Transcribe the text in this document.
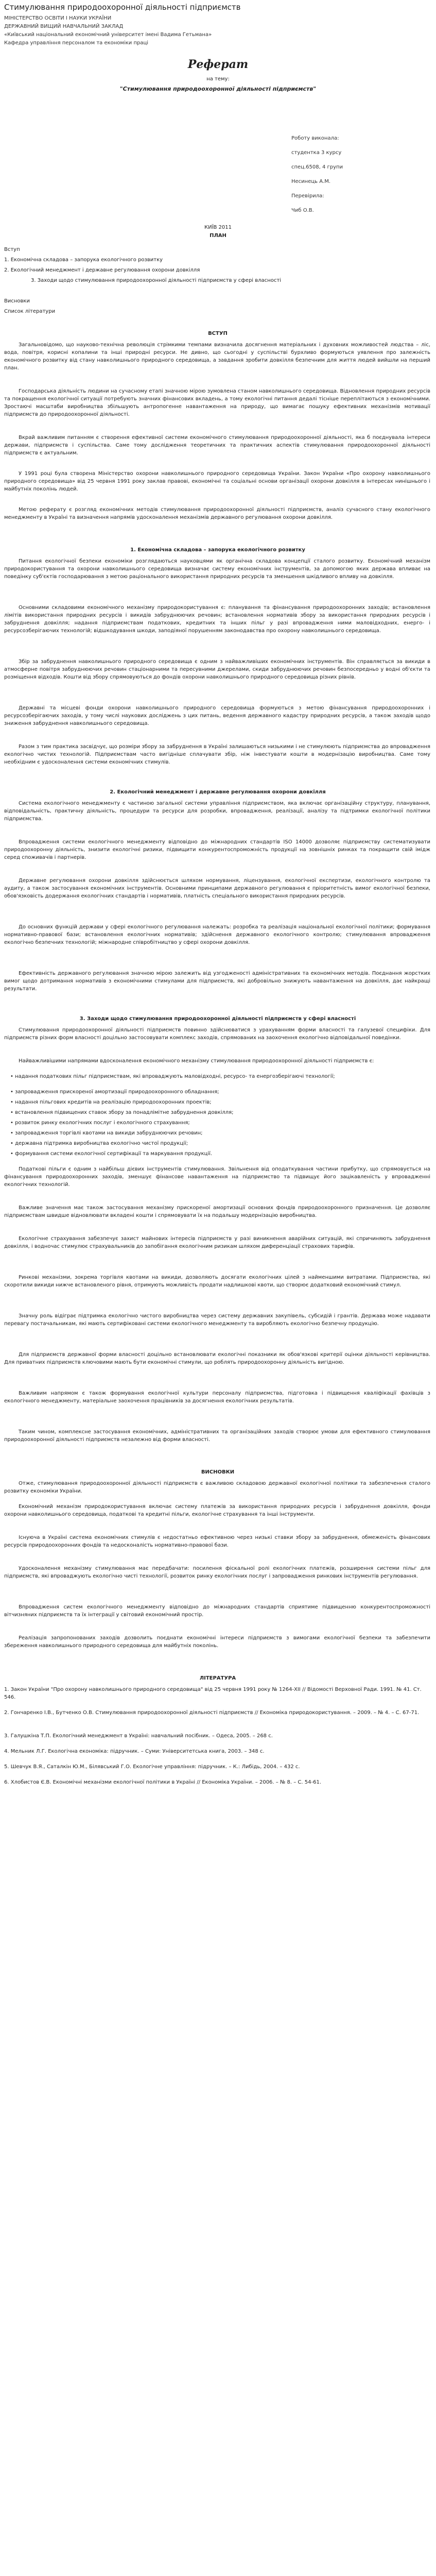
Стимулювання природоохоронної діяльності підприємств
МІНІСТЕРСТВО ОСВІТИ І НАУКИ УКРАЇНИ
ДЕРЖАВНИЙ ВИЩИЙ НАВЧАЛЬНИЙ ЗАКЛАД
«Київський національний економічний університет імені Вадима Гетьмана»
Кафедра управління персоналом та економіки праці
Реферат
на тему:
"Стимулювання природоохоронної діяльності підприємств"
Роботу виконала:
студентка 3 курсу
спец.6508, 4 групи
Несинець А.М.
Перевірила:
Чиб О.В.
КИЇВ 2011
ПЛАН
Вступ
1. Економічна складова – запорука екологічного розвитку
2. Екологічний менеджмент і державне регулювання охорони довкілля
3. Заходи щодо стимулювання природоохоронної діяльності підприємств у сфері власності
Висновки
Список літератури
ВСТУП
Загальновідомо, що науково-технічна революція стрімкими темпами визначила досягнення матеріальних і духовних можливостей людства – ліс, вода, повітря, корисні копалини та інші природні ресурси. Не дивно, що сьогодні у суспільстві бурхливо формуються уявлення про залежність економічного розвитку від стану навколишнього природного середовища, а завдання зробити довкілля безпечним для життя людей вийшли на перший план.
Господарська діяльність людини на сучасному етапі значною мірою зумовлена станом навколишнього середовища. Відновлення природних ресурсів та покращення екологічної ситуації потребують значних фінансових вкладень, а тому екологічні питання дедалі тісніше переплітаються з економічними. Зростаючі масштаби виробництва збільшують антропогенне навантаження на природу, що вимагає пошуку ефективних механізмів мотивації підприємств до природоохоронної діяльності.
Вкрай важливим питанням є створення ефективної системи економічного стимулювання природоохоронної діяльності, яка б поєднувала інтереси держави, підприємств і суспільства. Саме тому дослідження теоретичних та практичних аспектів стимулювання природоохоронної діяльності підприємств є актуальним.
У 1991 році була створена Міністерство охорони навколишнього природного середовища України. Закон України «Про охорону навколишнього природного середовища» від 25 червня 1991 року заклав правові, економічні та соціальні основи організації охорони довкілля в інтересах нинішнього і майбутніх поколінь людей.
Метою реферату є розгляд економічних методів стимулювання природоохоронної діяльності підприємств, аналіз сучасного стану екологічного менеджменту в Україні та визначення напрямів удосконалення механізмів державного регулювання охорони довкілля.
1. Економічна складова – запорука екологічного розвитку
Питання екологічної безпеки економіки розглядаються науковцями як органічна складова концепції сталого розвитку. Економічний механізм природокористування та охорони навколишнього середовища визначає систему економічних інструментів, за допомогою яких держава впливає на поведінку суб'єктів господарювання з метою раціонального використання природних ресурсів та зменшення шкідливого впливу на довкілля.
Основними складовими економічного механізму природокористування є: планування та фінансування природоохоронних заходів; встановлення лімітів використання природних ресурсів і викидів забруднюючих речовин; встановлення нормативів збору за використання природних ресурсів і забруднення довкілля; надання підприємствам податкових, кредитних та інших пільг у разі впровадження ними маловідходних, енерго- і ресурсозберігаючих технологій; відшкодування шкоди, заподіяної порушенням законодавства про охорону навколишнього середовища.
Збір за забруднення навколишнього природного середовища є одним з найважливіших економічних інструментів. Він справляється за викиди в атмосферне повітря забруднюючих речовин стаціонарними та пересувними джерелами, скиди забруднюючих речовин безпосередньо у водні об'єкти та розміщення відходів. Кошти від збору спрямовуються до фондів охорони навколишнього природного середовища різних рівнів.
Державні та місцеві фонди охорони навколишнього природного середовища формуються з метою фінансування природоохоронних і ресурсозберігаючих заходів, у тому числі наукових досліджень з цих питань, ведення державного кадастру природних ресурсів, а також заходів щодо зниження забруднення навколишнього середовища.
Разом з тим практика засвідчує, що розміри збору за забруднення в Україні залишаються низькими і не стимулюють підприємства до впровадження екологічно чистих технологій. Підприємствам часто вигідніше сплачувати збір, ніж інвестувати кошти в модернізацію виробництва. Саме тому необхідним є удосконалення системи економічних стимулів.
2. Екологічний менеджмент і державне регулювання охорони довкілля
Система екологічного менеджменту є частиною загальної системи управління підприємством, яка включає організаційну структуру, планування, відповідальність, практичну діяльність, процедури та ресурси для розробки, впровадження, реалізації, аналізу та підтримки екологічної політики підприємства.
Впровадження системи екологічного менеджменту відповідно до міжнародних стандартів ISO 14000 дозволяє підприємству систематизувати природоохоронну діяльність, знизити екологічні ризики, підвищити конкурентоспроможність продукції на зовнішніх ринках та покращити свій імідж серед споживачів і партнерів.
Державне регулювання охорони довкілля здійснюється шляхом нормування, ліцензування, екологічної експертизи, екологічного контролю та аудиту, а також застосування економічних інструментів. Основними принципами державного регулювання є пріоритетність вимог екологічної безпеки, обов'язковість додержання екологічних стандартів і нормативів, платність спеціального використання природних ресурсів.
До основних функцій держави у сфері екологічного регулювання належать: розробка та реалізація національної екологічної політики; формування нормативно-правової бази; встановлення екологічних нормативів; здійснення державного екологічного контролю; стимулювання впровадження екологічно безпечних технологій; міжнародне співробітництво у сфері охорони довкілля.
Ефективність державного регулювання значною мірою залежить від узгодженості адміністративних та економічних методів. Поєднання жорстких вимог щодо дотримання нормативів з економічними стимулами для підприємств, які добровільно знижують навантаження на довкілля, дає найкращі результати.
3. Заходи щодо стимулювання природоохоронної діяльності підприємств у сфері власності
Стимулювання природоохоронної діяльності підприємств повинно здійснюватися з урахуванням форми власності та галузевої специфіки. Для підприємств різних форм власності доцільно застосовувати комплекс заходів, спрямованих на заохочення екологічно відповідальної поведінки.
Найважливішими напрямами вдосконалення економічного механізму стимулювання природоохоронної діяльності підприємств є:
• надання податкових пільг підприємствам, які впроваджують маловідходні, ресурсо- та енергозберігаючі технології;
• запровадження прискореної амортизації природоохоронного обладнання;
• надання пільгових кредитів на реалізацію природоохоронних проектів;
• встановлення підвищених ставок збору за понадлімітне забруднення довкілля;
• розвиток ринку екологічних послуг і екологічного страхування;
• запровадження торгівлі квотами на викиди забруднюючих речовин;
• державна підтримка виробництва екологічно чистої продукції;
• формування системи екологічної сертифікації та маркування продукції.
Податкові пільги є одним з найбільш дієвих інструментів стимулювання. Звільнення від оподаткування частини прибутку, що спрямовується на фінансування природоохоронних заходів, зменшує фінансове навантаження на підприємство та підвищує його зацікавленість у впровадженні екологічних технологій.
Важливе значення має також застосування механізму прискореної амортизації основних фондів природоохоронного призначення. Це дозволяє підприємствам швидше відновлювати вкладені кошти і спрямовувати їх на подальшу модернізацію виробництва.
Екологічне страхування забезпечує захист майнових інтересів підприємств у разі виникнення аварійних ситуацій, які спричиняють забруднення довкілля, і водночас стимулює страхувальників до запобігання екологічним ризикам шляхом диференціації страхових тарифів.
Ринкові механізми, зокрема торгівля квотами на викиди, дозволяють досягати екологічних цілей з найменшими витратами. Підприємства, які скоротили викиди нижче встановленого рівня, отримують можливість продати надлишкові квоти, що створює додатковий економічний стимул.
Значну роль відіграє підтримка екологічно чистого виробництва через систему державних закупівель, субсидій і грантів. Держава може надавати перевагу постачальникам, які мають сертифіковані системи екологічного менеджменту та виробляють екологічно безпечну продукцію.
Для підприємств державної форми власності доцільно встановлювати екологічні показники як обов'язкові критерії оцінки діяльності керівництва. Для приватних підприємств ключовими мають бути економічні стимули, що роблять природоохоронну діяльність вигідною.
Важливим напрямом є також формування екологічної культури персоналу підприємства, підготовка і підвищення кваліфікації фахівців з екологічного менеджменту, матеріальне заохочення працівників за досягнення екологічних результатів.
Таким чином, комплексне застосування економічних, адміністративних та організаційних заходів створює умови для ефективного стимулювання природоохоронної діяльності підприємств незалежно від форми власності.
ВИСНОВКИ
Отже, стимулювання природоохоронної діяльності підприємств є важливою складовою державної екологічної політики та забезпечення сталого розвитку економіки України.
Економічний механізм природокористування включає систему платежів за використання природних ресурсів і забруднення довкілля, фонди охорони навколишнього середовища, податкові та кредитні пільги, екологічне страхування та інші інструменти.
Існуюча в Україні система економічних стимулів є недостатньо ефективною через низькі ставки збору за забруднення, обмеженість фінансових ресурсів природоохоронних фондів та недосконалість нормативно-правової бази.
Удосконалення механізму стимулювання має передбачати: посилення фіскальної ролі екологічних платежів, розширення системи пільг для підприємств, які впроваджують екологічно чисті технології, розвиток ринку екологічних послуг і запровадження ринкових інструментів регулювання.
Впровадження систем екологічного менеджменту відповідно до міжнародних стандартів сприятиме підвищенню конкурентоспроможності вітчизняних підприємств та їх інтеграції у світовий економічний простір.
Реалізація запропонованих заходів дозволить поєднати економічні інтереси підприємств з вимогами екологічної безпеки та забезпечити збереження навколишнього природного середовища для майбутніх поколінь.
ЛІТЕРАТУРА
1. Закон України "Про охорону навколишнього природного середовища" від 25 червня 1991 року № 1264-XII // Відомості Верховної Ради. 1991. № 41. Ст. 546.
2. Гончаренко І.В., Бутченко О.В. Стимулювання природоохоронної діяльності підприємств // Економіка природокористування. – 2009. – № 4. – С. 67-71.
3. Галушкіна Т.П. Екологічний менеджмент в Україні: навчальний посібник. – Одеса, 2005. – 268 с.
4. Мельник Л.Г. Екологічна економіка: підручник. – Суми: Університетська книга, 2003. – 348 с.
5. Шевчук В.Я., Саталкін Ю.М., Білявський Г.О. Екологічне управління: підручник. – К.: Либідь, 2004. – 432 с.
6. Хлобистов Є.В. Економічні механізми екологічної політики в Україні // Економіка України. – 2006. – № 8. – С. 54-61.
